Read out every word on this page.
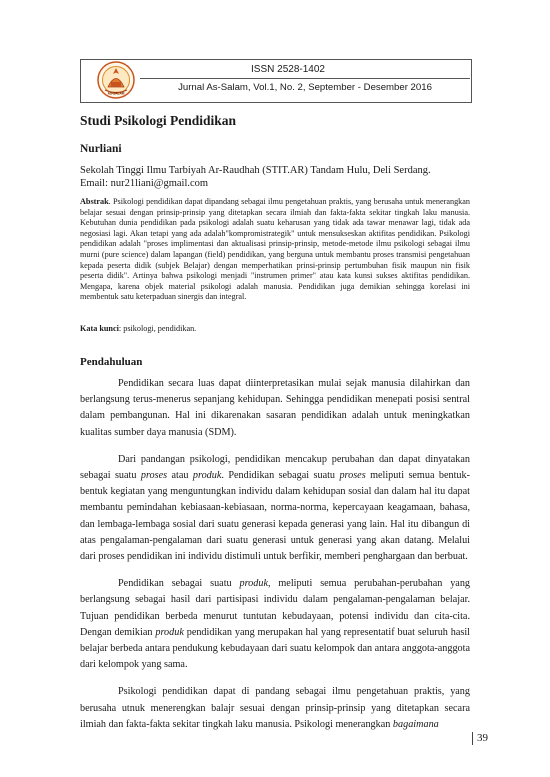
AS-SALAM
ISSN 2528-1402
Jurnal As-Salam, Vol.1, No. 2, September - Desember 2016
Studi Psikologi Pendidikan
Nurliani
Sekolah Tinggi Ilmu Tarbiyah Ar-Raudhah (STIT.AR) Tandam Hulu, Deli Serdang.
Email: nur21liani@gmail.com
Abstrak. Psikologi pendidikan dapat dipandang sebagai ilmu pengetahuan praktis, yang berusaha untuk menerangkan belajar sesuai dengan prinsip-prinsip yang ditetapkan secara ilmiah dan fakta-fakta sekitar tingkah laku manusia. Kebutuhan dunia pendidikan pada psikologi adalah suatu keharusan yang tidak ada tawar menawar lagi, tidak ada negosiasi lagi. Akan tetapi yang ada adalah"kompromistrategik" untuk mensukseskan aktifitas pendidikan. Psikologi pendidikan adalah "proses implimentasi dan aktualisasi prinsip-prinsip, metode-metode ilmu psikologi sebagai ilmu murni (pure science) dalam lapangan (field) pendidikan, yang berguna untuk membantu proses transmisi pengetahuan kepada peserta didik (subjek Belajar) dengan memperhatikan prinsi-prinsip pertumbuhan fisik maupun nin fisik peserta didik". Artinya bahwa psikologi menjadi "instrumen primer" atau kata kunsi sukses aktifitas pendidikan. Mengapa, karena objek material psikologi adalah manusia. Pendidikan juga demikian sehingga korelasi ini membentuk satu keterpaduan sinergis dan integral.
Kata kunci: psikologi, pendidikan.
Pendahuluan

Pendidikan secara luas dapat diinterpretasikan mulai sejak manusia dilahirkan dan berlangsung terus-menerus sepanjang kehidupan. Sehingga pendidikan menepati posisi sentral dalam pembangunan. Hal ini dikarenakan sasaran pendidikan adalah untuk meningkatkan kualitas sumber daya manusia (SDM).

Dari pandangan psikologi, pendidikan mencakup perubahan dan dapat dinyatakan sebagai suatu proses atau produk. Pendidikan sebagai suatu proses meliputi semua bentuk-bentuk kegiatan yang menguntungkan individu dalam kehidupan sosial dan dalam hal itu dapat membantu pemindahan kebiasaan-kebiasaan, norma-norma, kepercayaan keagamaan, bahasa, dan lembaga-lembaga sosial dari suatu generasi kepada generasi yang lain. Hal itu dibangun di atas pengalaman-pengalaman dari suatu generasi untuk generasi yang akan datang. Melalui dari proses pendidikan ini individu distimuli untuk berfikir, memberi penghargaan dan berbuat.

Pendidikan sebagai suatu produk, meliputi semua perubahan-perubahan yang berlangsung sebagai hasil dari partisipasi individu dalam pengalaman-pengalaman belajar. Tujuan pendidikan berbeda menurut tuntutan kebudayaan, potensi individu dan cita-cita. Dengan demikian produk pendidikan yang merupakan hal yang representatif buat seluruh hasil belajar berbeda antara pendukung kebudayaan dari suatu kelompok dan antara anggota-anggota dari kelompok yang sama.

Psikologi pendidikan dapat di pandang sebagai ilmu pengetahuan praktis, yang berusaha utnuk menerengkan balajr sesuai dengan prinsip-prinsip yang ditetapkan secara ilmiah dan fakta-fakta sekitar tingkah laku manusia. Psikologi menerangkan bagaimana

39
